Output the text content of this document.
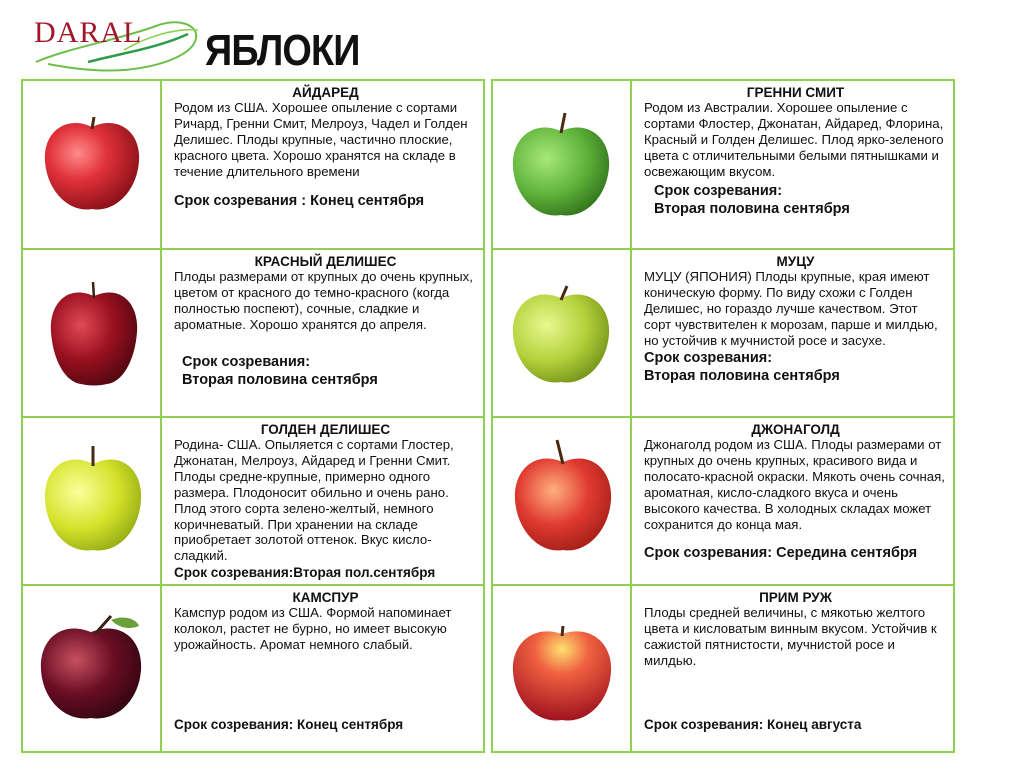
DARAL ЯБЛОКИ
АЙДАРЕД
Родом из США. Хорошее опыление с сортами Ричард, Гренни Смит, Мелроуз, Чадел и Голден Делишес. Плоды крупные, частично плоские, красного цвета. Хорошо хранятся на складе в течение длительного времени
Срок созревания : Конец сентября
КРАСНЫЙ ДЕЛИШЕС
Плоды размерами от крупных до очень крупных, цветом от красного до темно-красного (когда полностью поспеют), сочные, сладкие и ароматные. Хорошо хранятся до апреля.
Срок созревания:
Вторая половина сентября
ГОЛДЕН ДЕЛИШЕС
Родина- США. Опыляется с сортами Глостер, Джонатан, Мелроуз, Айдаред и Гренни Смит. Плоды средне-крупные, примерно одного размера. Плодоносит обильно и очень рано. Плод этого сорта зелено-желтый, немного коричневатый. При хранении на складе приобретает золотой оттенок. Вкус кисло-сладкий.
Срок созревания:Вторая пол.сентября
КАМСПУР
Камспур родом из США. Формой напоминает колокол, растет не бурно, но имеет высокую урожайность. Аромат немного слабый.
Срок созревания: Конец сентября
ГРЕННИ СМИТ
Родом из Австралии. Хорошее опыление с сортами Флостер, Джонатан, Айдаред, Флорина, Красный и Голден Делишес. Плод ярко-зеленого цвета с отличительными белыми пятнышками и освежающим вкусом.
Срок созревания:
Вторая половина сентября
МУЦУ
МУЦУ (ЯПОНИЯ) Плоды крупные, края имеют коническую форму. По виду схожи с Голден Делишес, но гораздо лучше качеством. Этот сорт чувствителен к морозам, парше и милдью, но устойчив к мучнистой росе и засухе.
Срок созревания:
Вторая половина сентября
ДЖОНАГОЛД
Джонаголд родом из США. Плоды размерами от крупных до очень крупных, красивого вида и полосато-красной окраски. Мякоть очень сочная, ароматная, кисло-сладкого вкуса и очень высокого качества. В холодных складах может сохранится до конца мая.
Срок созревания: Середина сентября
ПРИМ РУЖ
Плоды средней величины, с мякотью желтого цвета и кисловатым винным вкусом. Устойчив к сажистой пятнистости, мучнистой росе и милдью.
Срок созревания: Конец августа
